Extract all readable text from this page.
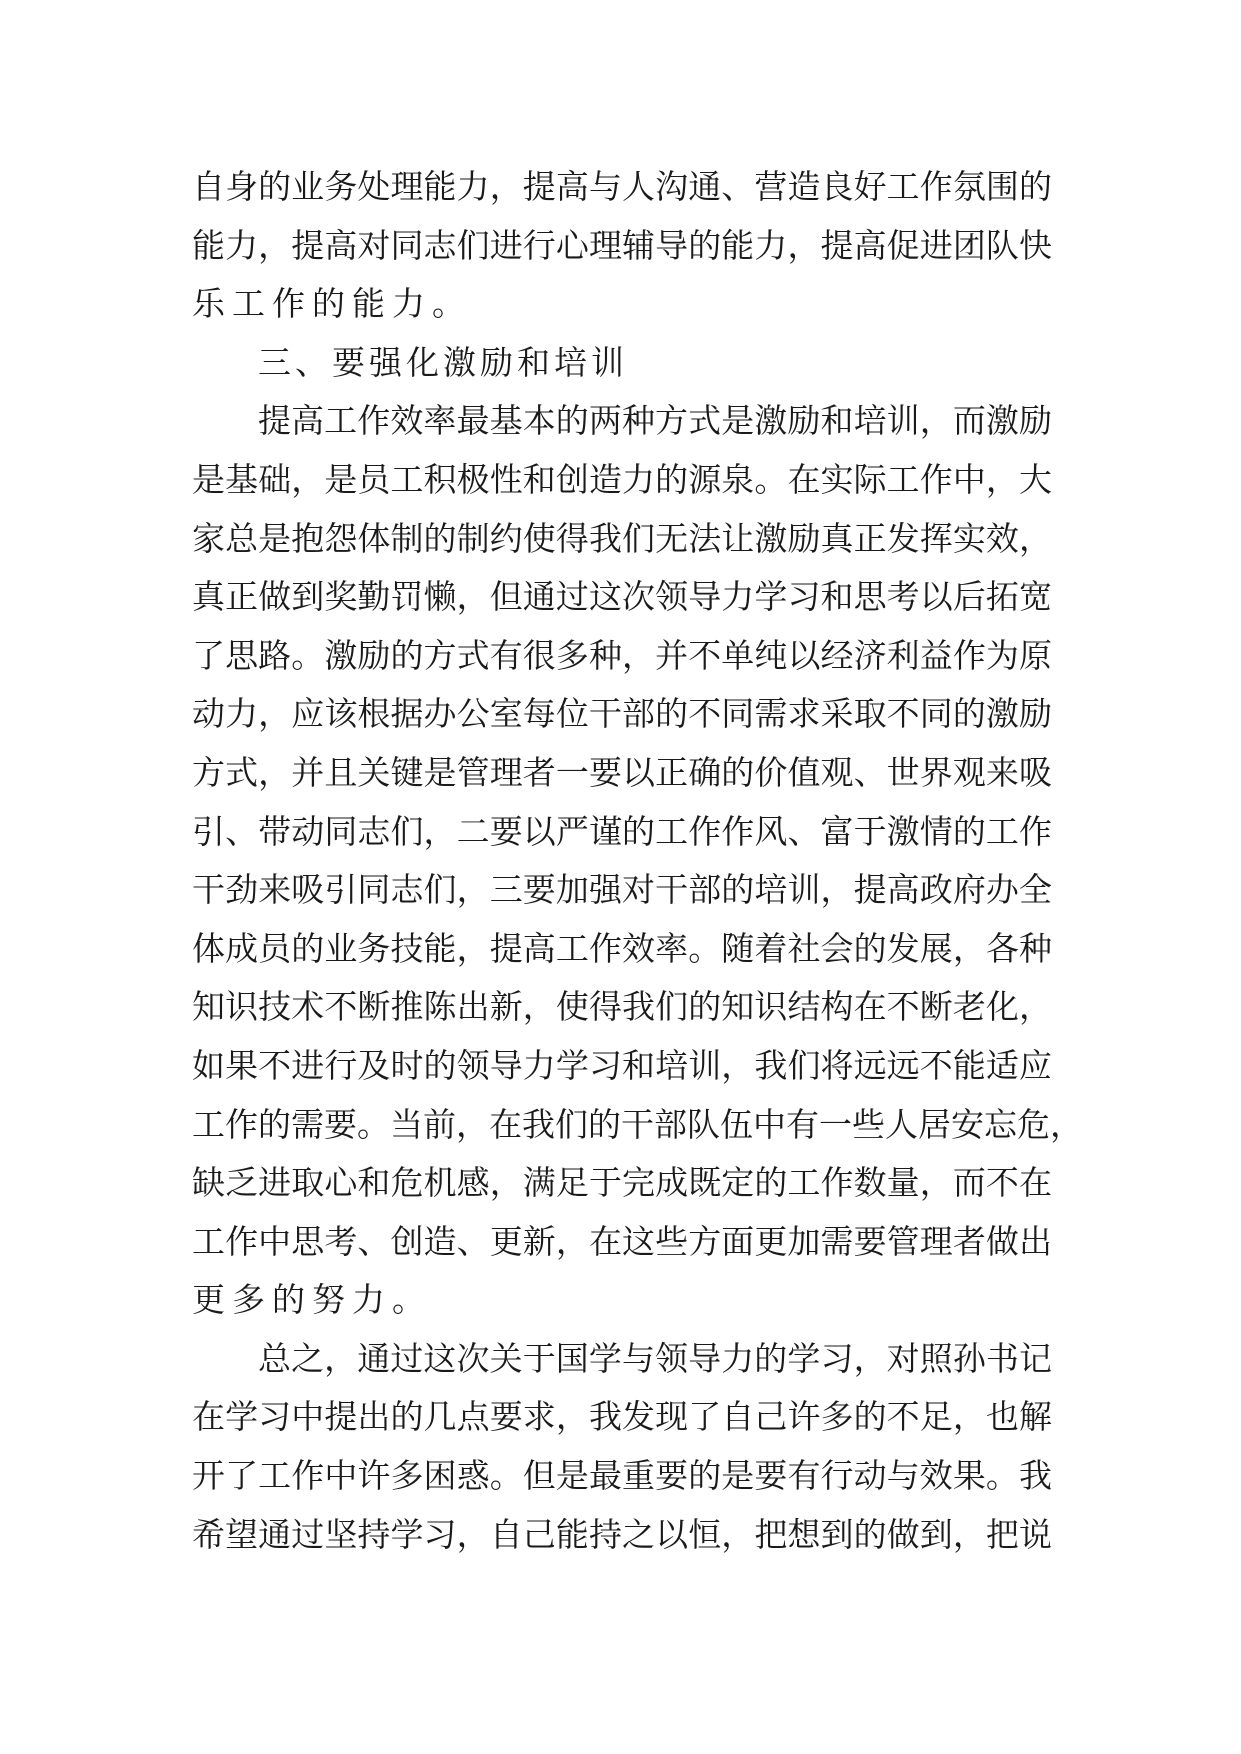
自身的业务处理能力，提高与人沟通、营造良好工作氛围的
能力，提高对同志们进行心理辅导的能力，提高促进团队快
乐工作的能力。
三、要强化激励和培训
提高工作效率最基本的两种方式是激励和培训，而激励
是基础，是员工积极性和创造力的源泉。在实际工作中，大
家总是抱怨体制的制约使得我们无法让激励真正发挥实效，
真正做到奖勤罚懒，但通过这次领导力学习和思考以后拓宽
了思路。激励的方式有很多种，并不单纯以经济利益作为原
动力，应该根据办公室每位干部的不同需求采取不同的激励
方式，并且关键是管理者一要以正确的价值观、世界观来吸
引、带动同志们，二要以严谨的工作作风、富于激情的工作
干劲来吸引同志们，三要加强对干部的培训，提高政府办全
体成员的业务技能，提高工作效率。随着社会的发展，各种
知识技术不断推陈出新，使得我们的知识结构在不断老化，
如果不进行及时的领导力学习和培训，我们将远远不能适应
工作的需要。当前，在我们的干部队伍中有一些人居安忘危，
缺乏进取心和危机感，满足于完成既定的工作数量，而不在
工作中思考、创造、更新，在这些方面更加需要管理者做出
更多的努力。
总之，通过这次关于国学与领导力的学习，对照孙书记
在学习中提出的几点要求，我发现了自己许多的不足，也解
开了工作中许多困惑。但是最重要的是要有行动与效果。我
希望通过坚持学习，自己能持之以恒，把想到的做到，把说
